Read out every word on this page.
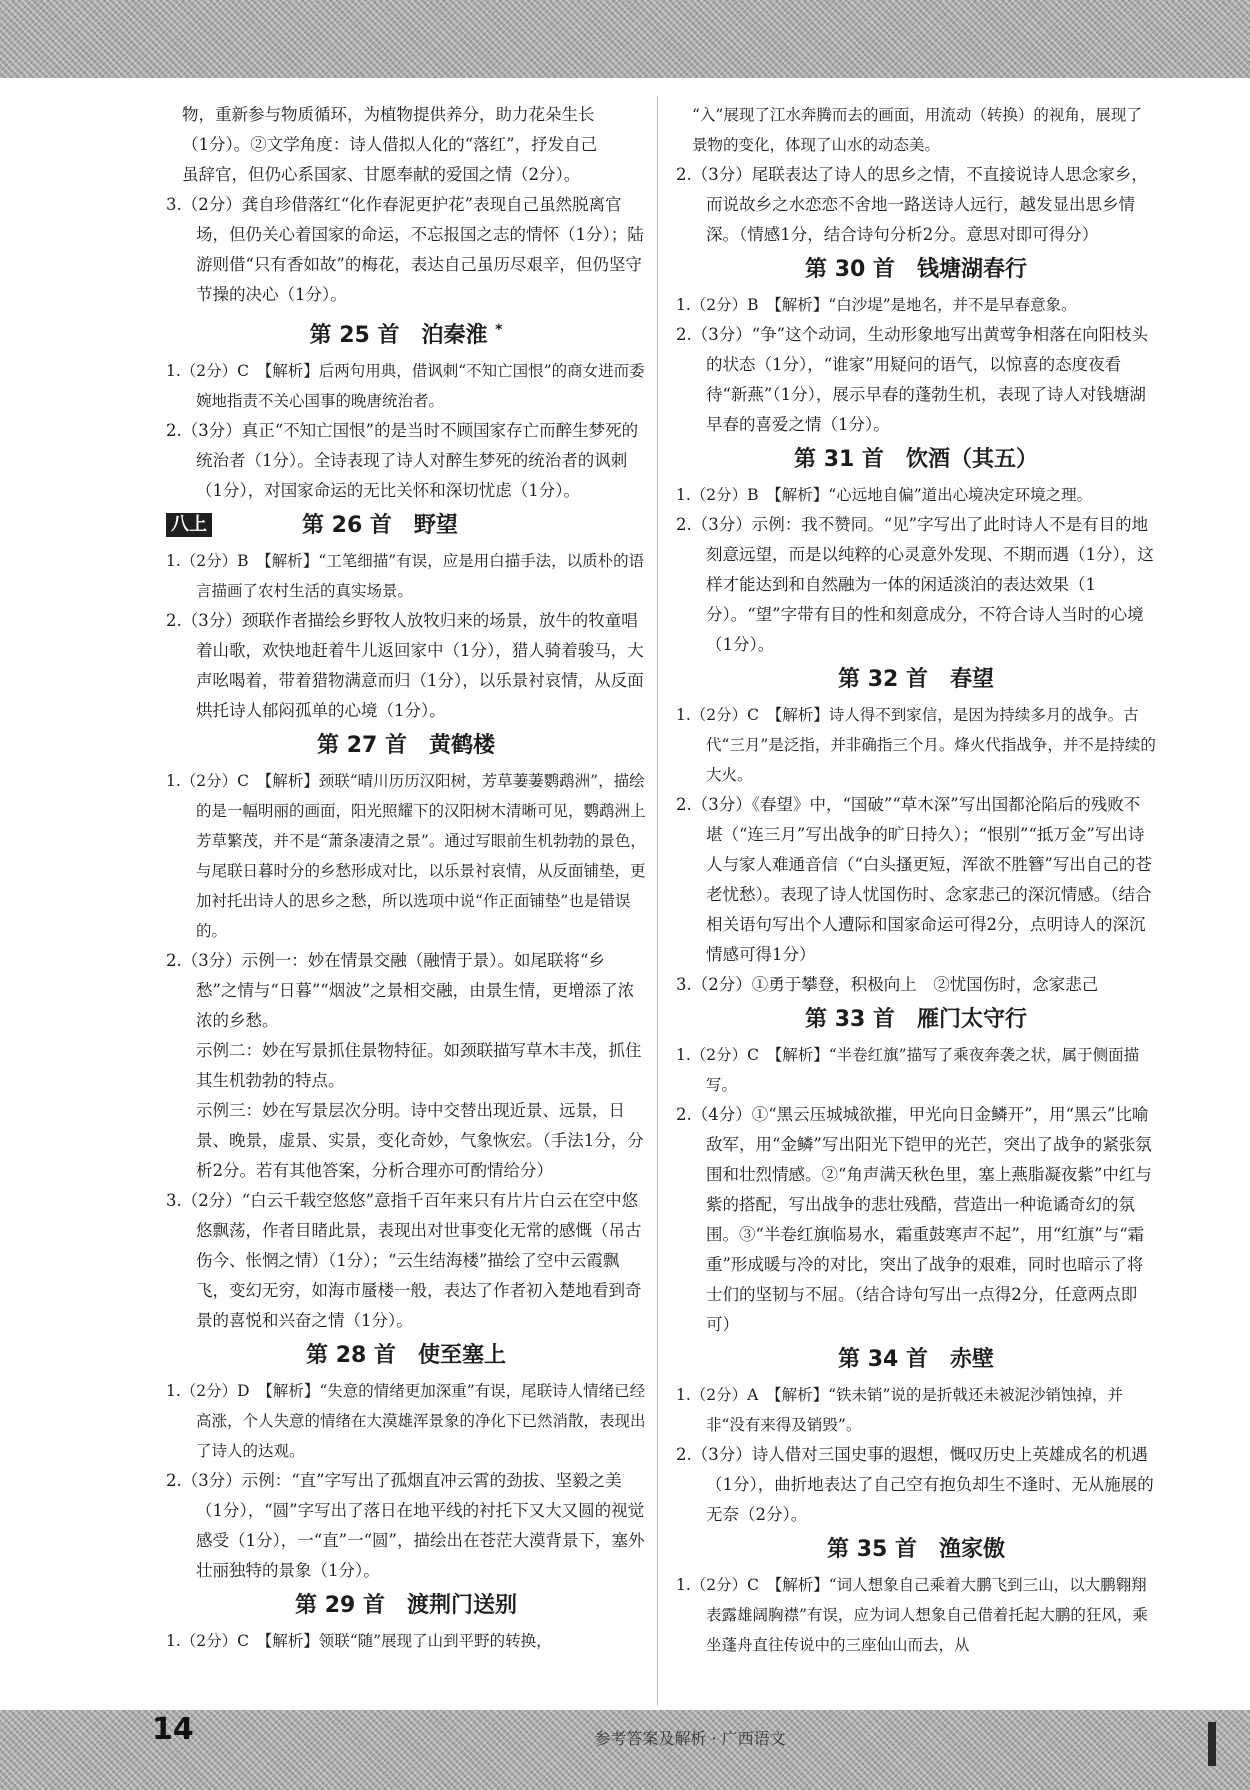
物，重新参与物质循环，为植物提供养分，助力花朵生长

（1分）。②文学角度：诗人借拟人化的“落红”，抒发自己

虽辞官，但仍心系国家、甘愿奉献的爱国之情（2分）。

3.（2分）龚自珍借落红“化作春泥更护花”表现自己虽然脱离官场，但仍关心着国家的命运，不忘报国之志的情怀（1分）；陆游则借“只有香如故”的梅花，表达自己虽历尽艰辛，但仍坚守节操的决心（1分）。

第 25 首　泊秦淮 *

1.（2分）C　【解析】后两句用典，借讽刺“不知亡国恨”的商女进而委婉地指责不关心国事的晚唐统治者。

2.（3分）真正“不知亡国恨”的是当时不顾国家存亡而醉生梦死的统治者（1分）。全诗表现了诗人对醉生梦死的统治者的讽刺（1分），对国家命运的无比关怀和深切忧虑（1分）。

八上	第 26 首　野望

1.（2分）B　【解析】“工笔细描”有误，应是用白描手法，以质朴的语言描画了农村生活的真实场景。

2.（3分）颈联作者描绘乡野牧人放牧归来的场景，放牛的牧童唱着山歌，欢快地赶着牛儿返回家中（1分），猎人骑着骏马，大声吆喝着，带着猎物满意而归（1分），以乐景衬哀情，从反面烘托诗人郁闷孤单的心境（1分）。

第 27 首　黄鹤楼

1.（2分）C　【解析】颈联“晴川历历汉阳树，芳草萋萋鹦鹉洲”，描绘的是一幅明丽的画面，阳光照耀下的汉阳树木清晰可见，鹦鹉洲上芳草繁茂，并不是“萧条凄清之景”。通过写眼前生机勃勃的景色，与尾联日暮时分的乡愁形成对比，以乐景衬哀情，从反面铺垫，更加衬托出诗人的思乡之愁，所以选项中说“作正面铺垫”也是错误的。

2.（3分）示例一：妙在情景交融（融情于景）。如尾联将“乡愁”之情与“日暮”“烟波”之景相交融，由景生情，更增添了浓浓的乡愁。

示例二：妙在写景抓住景物特征。如颈联描写草木丰茂，抓住其生机勃勃的特点。

示例三：妙在写景层次分明。诗中交替出现近景、远景，日景、晚景，虚景、实景，变化奇妙，气象恢宏。（手法1分，分析2分。若有其他答案，分析合理亦可酌情给分）

3.（2分）“白云千载空悠悠”意指千百年来只有片片白云在空中悠悠飘荡，作者目睹此景，表现出对世事变化无常的感慨（吊古伤今、怅惘之情）（1分）；“云生结海楼”描绘了空中云霞飘飞，变幻无穷，如海市蜃楼一般，表达了作者初入楚地看到奇景的喜悦和兴奋之情（1分）。

第 28 首　使至塞上

1.（2分）D　【解析】“失意的情绪更加深重”有误，尾联诗人情绪已经高涨，个人失意的情绪在大漠雄浑景象的净化下已然消散，表现出了诗人的达观。

2.（3分）示例：“直”字写出了孤烟直冲云霄的劲拔、坚毅之美（1分），“圆”字写出了落日在地平线的衬托下又大又圆的视觉感受（1分），一“直”一“圆”，描绘出在苍茫大漠背景下，塞外壮丽独特的景象（1分）。

第 29 首　渡荆门送别

1.（2分）C　【解析】领联“随”展现了山到平野的转换，

“入”展现了江水奔腾而去的画面，用流动（转换）的视角，展现了景物的变化，体现了山水的动态美。

2.（3分）尾联表达了诗人的思乡之情，不直接说诗人思念家乡，而说故乡之水恋恋不舍地一路送诗人远行，越发显出思乡情深。（情感1分，结合诗句分析2分。意思对即可得分）

第 30 首　钱塘湖春行

1.（2分）B　【解析】“白沙堤”是地名，并不是早春意象。

2.（3分）“争”这个动词，生动形象地写出黄莺争相落在向阳枝头的状态（1分），“谁家”用疑问的语气，以惊喜的态度夜看待“新燕”（1分），展示早春的蓬勃生机，表现了诗人对钱塘湖早春的喜爱之情（1分）。

第 31 首　饮酒（其五）

1.（2分）B　【解析】“心远地自偏”道出心境决定环境之理。

2.（3分）示例：我不赞同。“见”字写出了此时诗人不是有目的地刻意远望，而是以纯粹的心灵意外发现、不期而遇（1分），这样才能达到和自然融为一体的闲适淡泊的表达效果（1分）。“望”字带有目的性和刻意成分，不符合诗人当时的心境（1分）。

第 32 首　春望

1.（2分）C　【解析】诗人得不到家信，是因为持续多月的战争。古代“三月”是泛指，并非确指三个月。烽火代指战争，并不是持续的大火。

2.（3分）《春望》中，“国破”“草木深”写出国都沦陷后的残败不堪（“连三月”写出战争的旷日持久）；“恨别”“抵万金”写出诗人与家人难通音信（“白头搔更短，浑欲不胜簪”写出自己的苍老忧愁）。表现了诗人忧国伤时、念家悲己的深沉情感。（结合相关语句写出个人遭际和国家命运可得2分，点明诗人的深沉情感可得1分）

3.（2分）①勇于攀登，积极向上　②忧国伤时，念家悲己

第 33 首　雁门太守行

1.（2分）C　【解析】“半卷红旗”描写了乘夜奔袭之状，属于侧面描写。

2.（4分）①“黑云压城城欲摧，甲光向日金鳞开”，用“黑云”比喻敌军，用“金鳞”写出阳光下铠甲的光芒，突出了战争的紧张氛围和壮烈情感。②“角声满天秋色里，塞上燕脂凝夜紫”中红与紫的搭配，写出战争的悲壮残酷，营造出一种诡谲奇幻的氛围。③“半卷红旗临易水，霜重鼓寒声不起”，用“红旗”与“霜重”形成暖与冷的对比，突出了战争的艰难，同时也暗示了将士们的坚韧与不屈。（结合诗句写出一点得2分，任意两点即可）

第 34 首　赤壁

1.（2分）A　【解析】“铁未销”说的是折戟还未被泥沙销蚀掉，并非“没有来得及销毁”。

2.（3分）诗人借对三国史事的遐想，慨叹历史上英雄成名的机遇（1分），曲折地表达了自己空有抱负却生不逢时、无从施展的无奈（2分）。

第 35 首　渔家傲

1.（2分）C　【解析】“词人想象自己乘着大鹏飞到三山，以大鹏翱翔表露雄阔胸襟”有误，应为词人想象自己借着托起大鹏的狂风，乘坐蓬舟直往传说中的三座仙山而去，从

14	参考答案及解析 · 广西语文
